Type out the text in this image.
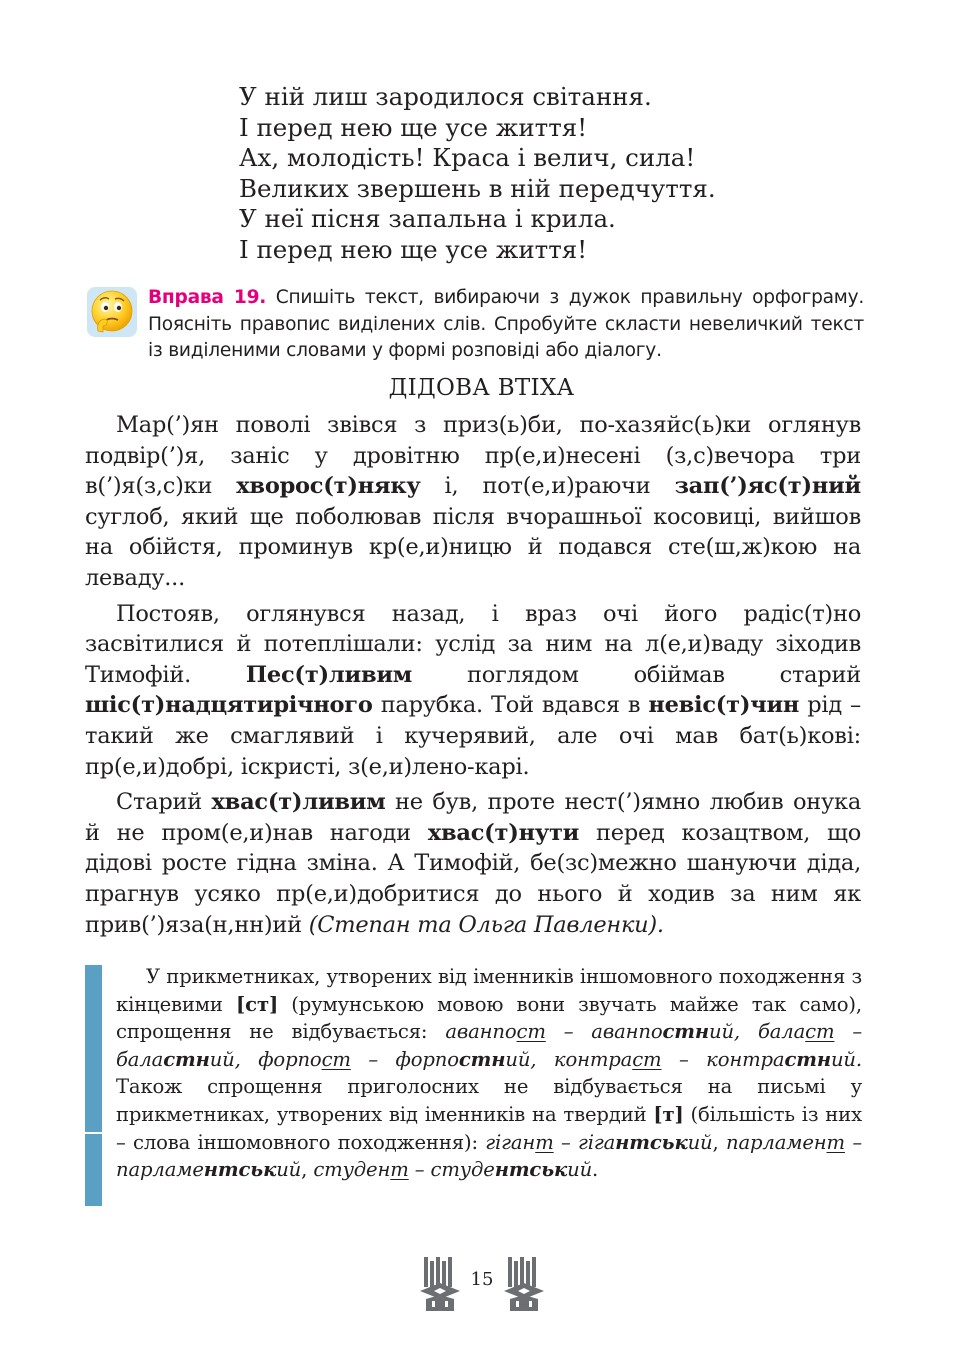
У ній лиш зародилося світання.
І перед нею ще усе життя!
Ах, молодість! Краса і велич, сила!
Великих звершень в ній передчуття.
У неї пісня запальна і крила.
І перед нею ще усе життя!
Вправа 19. Спишіть текст, вибираючи з дужок правильну орфограму. Поясніть правопис виділених слів. Спробуйте скласти невеличкий текст із виділеними словами у формі розповіді або діалогу.
ДІДОВА ВТІХА

Мар(’)ян поволі звівся з приз(ь)би, по-хазяйс(ь)ки оглянув подвір(’)я, заніс у дровітню пр(е,и)несені (з,с)вечора три в(’)я(з,с)ки хворос(т)няку і, пот(е,и)раючи зап(’)яс(т)ний суглоб, який ще поболював після вчорашньої косовиці, вийшов на обійстя, проминув кр(е,и)ницю й подався сте(ш,ж)кою на леваду...

Постояв, оглянувся назад, і враз очі його радіс(т)но засвітилися й потеплішали: услід за ним на л(е,и)ваду зіходив Тимофій. Пес(т)ливим поглядом обіймав старий шіс(т)надцятирічного парубка. Той вдався в невіс(т)чин рід – такий же смаглявий і кучерявий, але очі мав бат(ь)кові: пр(е,и)добрі, іскристі, з(е,и)лено-карі.

Старий хвас(т)ливим не був, проте нест(’)ямно любив онука й не пром(е,и)нав нагоди хвас(т)нути перед козацтвом, що дідові росте гідна зміна. А Тимофій, бе(зс)межно шануючи діда, прагнув усяко пр(е,и)добритися до нього й ходив за ним як прив(’)яза(н,нн)ий (Степан та Ольга Павленки).

У прикметниках, утворених від іменників іншомовного походження з кінцевими [ст] (румунською мовою вони звучать майже так само), спрощення не відбувається: аванпост – аванпостний, баласт – баластний, форпост – форпостний, контраст – контрастний. Також спрощення приголосних не відбувається на письмі у прикметниках, утворених від іменників на твердий [т] (більшість із них – слова іншомовного походження): гігант – гігантський, парламент – парламентський, студент – студентський.

15
